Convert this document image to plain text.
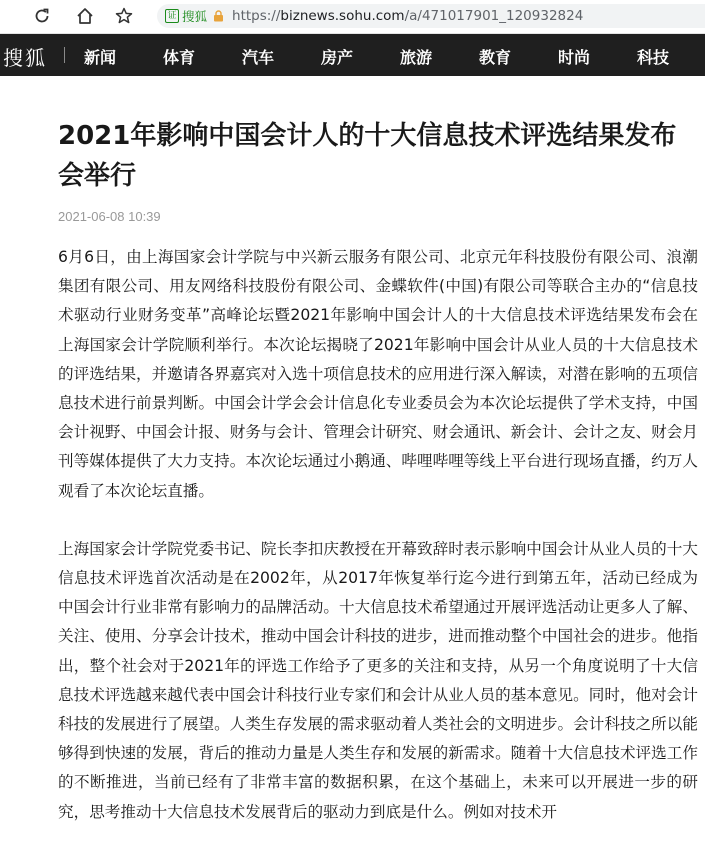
证 搜狐 https://biznews.sohu.com/a/471017901_120932824
搜狐 新闻	体育	汽车	房产	旅游	教育	时尚	科技
2021年影响中国会计人的十大信息技术评选结果发布会举行
2021-06-08 10:39

6月6日，由上海国家会计学院与中兴新云服务有限公司、北京元年科技股份有限公司、浪潮集团有限公司、用友网络科技股份有限公司、金蝶软件(中国)有限公司等联合主办的“信息技术驱动行业财务变革”高峰论坛暨2021年影响中国会计人的十大信息技术评选结果发布会在上海国家会计学院顺利举行。本次论坛揭晓了2021年影响中国会计从业人员的十大信息技术的评选结果，并邀请各界嘉宾对入选十项信息技术的应用进行深入解读，对潜在影响的五项信息技术进行前景判断。中国会计学会会计信息化专业委员会为本次论坛提供了学术支持，中国会计视野、中国会计报、财务与会计、管理会计研究、财会通讯、新会计、会计之友、财会月刊等媒体提供了大力支持。本次论坛通过小鹅通、哔哩哔哩等线上平台进行现场直播，约万人观看了本次论坛直播。

上海国家会计学院党委书记、院长李扣庆教授在开幕致辞时表示影响中国会计从业人员的十大信息技术评选首次活动是在2002年，从2017年恢复举行迄今进行到第五年，活动已经成为中国会计行业非常有影响力的品牌活动。十大信息技术希望通过开展评选活动让更多人了解、关注、使用、分享会计技术，推动中国会计科技的进步，进而推动整个中国社会的进步。他指出，整个社会对于2021年的评选工作给予了更多的关注和支持，从另一个角度说明了十大信息技术评选越来越代表中国会计科技行业专家们和会计从业人员的基本意见。同时，他对会计科技的发展进行了展望。人类生存发展的需求驱动着人类社会的文明进步。会计科技之所以能够得到快速的发展，背后的推动力量是人类生存和发展的新需求。随着十大信息技术评选工作的不断推进，当前已经有了非常丰富的数据积累，在这个基础上，未来可以开展进一步的研究，思考推动十大信息技术发展背后的驱动力到底是什么。例如对技术开
